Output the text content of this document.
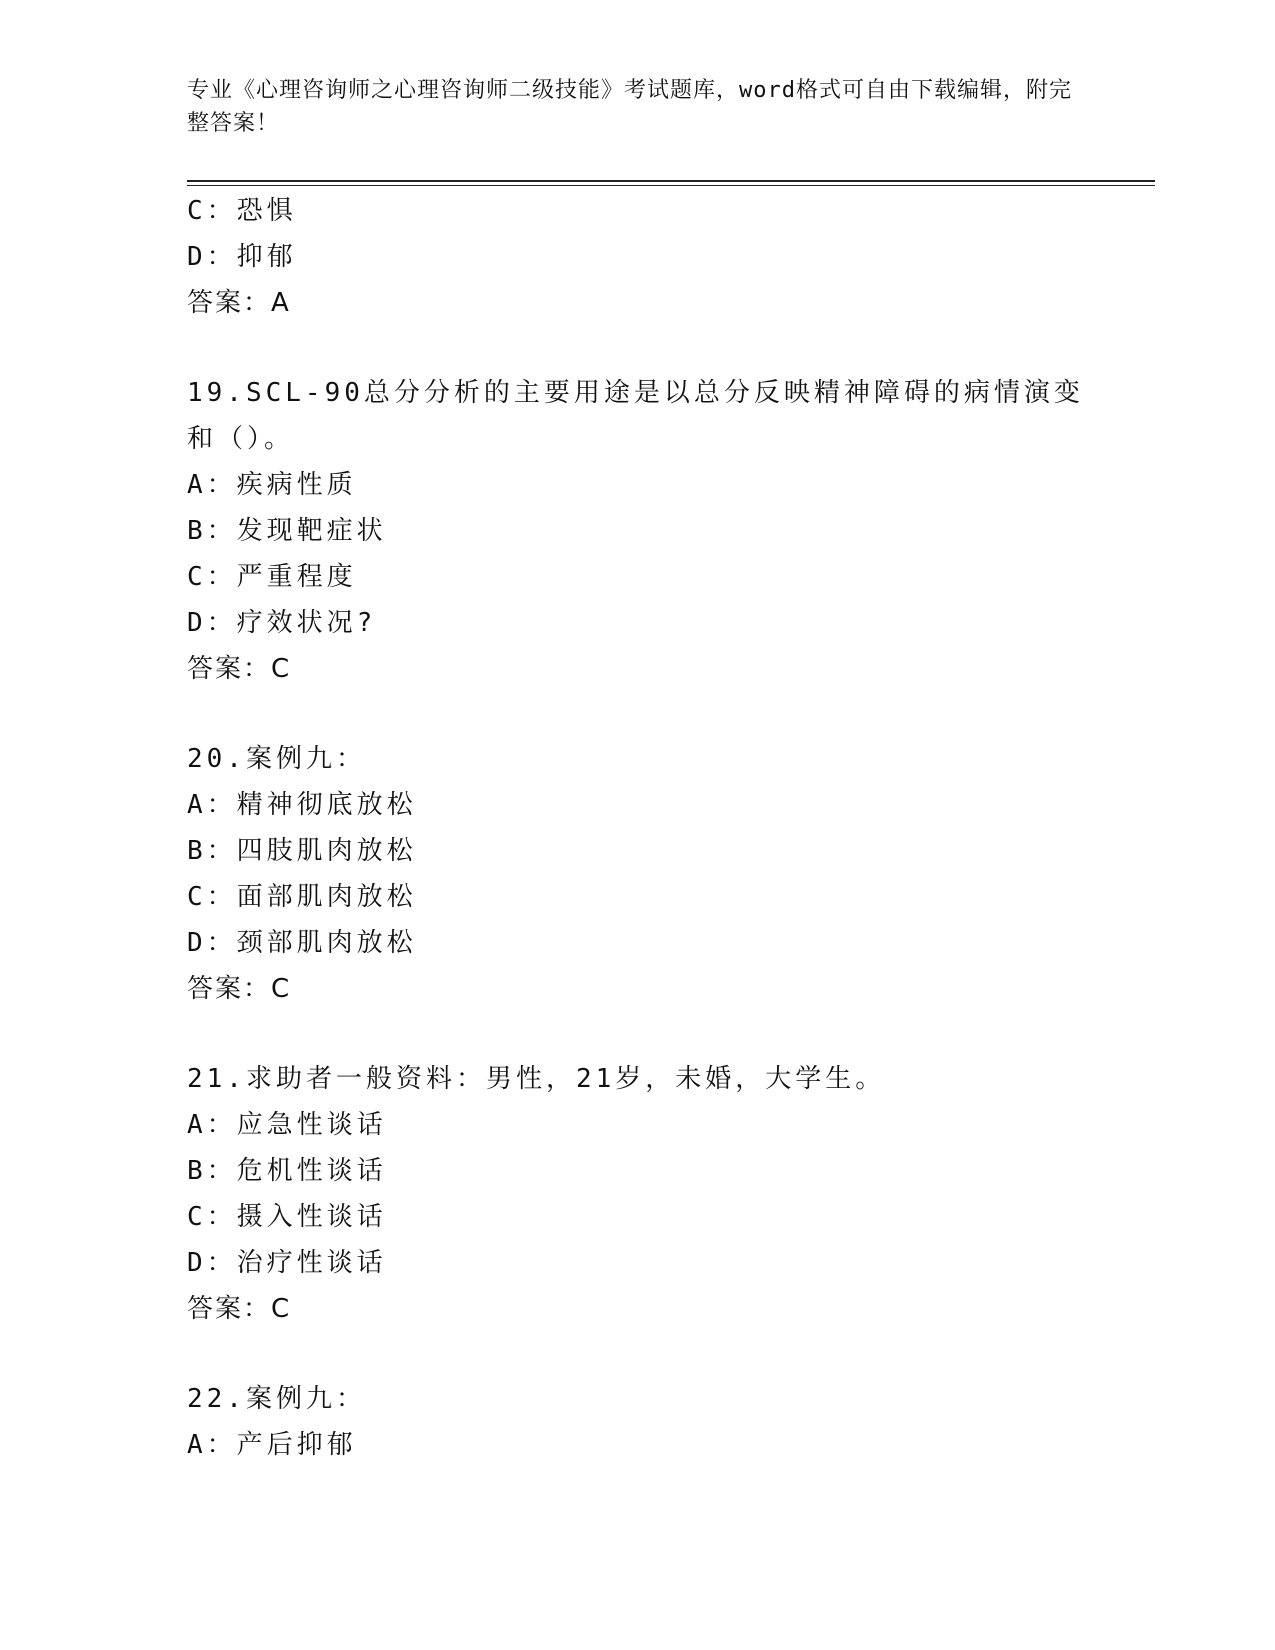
专业《心理咨询师之心理咨询师二级技能》考试题库，word格式可自由下载编辑，附完整答案！
C：恐惧
D：抑郁
答案：A
19.SCL-90总分分析的主要用途是以总分反映精神障碍的病情演变和（）。
A：疾病性质
B：发现靶症状
C：严重程度
D：疗效状况?
答案：C
20.案例九：
A：精神彻底放松
B：四肢肌肉放松
C：面部肌肉放松
D：颈部肌肉放松
答案：C
21.求助者一般资料：男性，21岁，未婚，大学生。
A：应急性谈话
B：危机性谈话
C：摄入性谈话
D：治疗性谈话
答案：C
22.案例九：
A：产后抑郁
